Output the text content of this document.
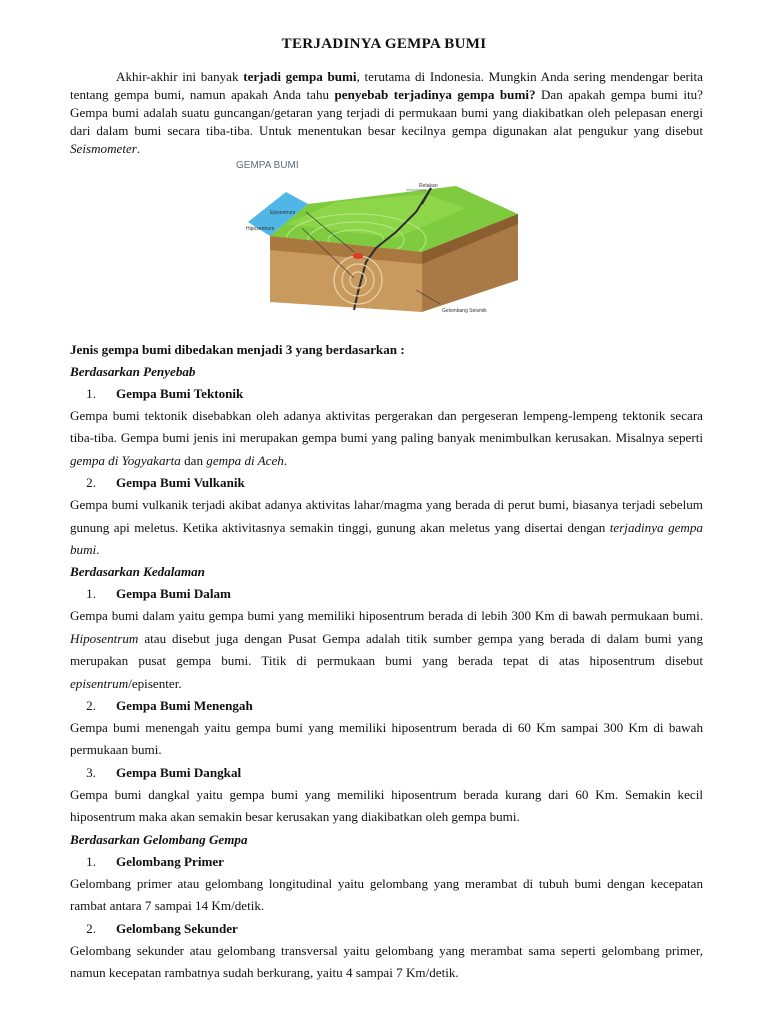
TERJADINYA GEMPA BUMI

Akhir-akhir ini banyak terjadi gempa bumi, terutama di Indonesia. Mungkin Anda sering mendengar berita tentang gempa bumi, namun apakah Anda tahu penyebab terjadinya gempa bumi? Dan apakah gempa bumi itu? Gempa bumi adalah suatu guncangan/getaran yang terjadi di permukaan bumi yang diakibatkan oleh pelepasan energi dari dalam bumi secara tiba-tiba. Untuk menentukan besar kecilnya gempa digunakan alat pengukur yang disebut Seismometer.

GEMPA BUMI
Retakan
Episentrum
Hiposentrum
Gelombang Seismik

Jenis gempa bumi dibedakan menjadi 3 yang berdasarkan :

Berdasarkan Penyebab

1. Gempa Bumi Tektonik

Gempa bumi tektonik disebabkan oleh adanya aktivitas pergerakan dan pergeseran lempeng-lempeng tektonik secara tiba-tiba. Gempa bumi jenis ini merupakan gempa bumi yang paling banyak menimbulkan kerusakan. Misalnya seperti gempa di Yogyakarta dan gempa di Aceh.

2. Gempa Bumi Vulkanik

Gempa bumi vulkanik terjadi akibat adanya aktivitas lahar/magma yang berada di perut bumi, biasanya terjadi sebelum gunung api meletus. Ketika aktivitasnya semakin tinggi, gunung akan meletus yang disertai dengan terjadinya gempa bumi.

Berdasarkan Kedalaman

1. Gempa Bumi Dalam

Gempa bumi dalam yaitu gempa bumi yang memiliki hiposentrum berada di lebih 300 Km di bawah permukaan bumi. Hiposentrum atau disebut juga dengan Pusat Gempa adalah titik sumber gempa yang berada di dalam bumi yang merupakan pusat gempa bumi. Titik di permukaan bumi yang berada tepat di atas hiposentrum disebut episentrum/episenter.

2. Gempa Bumi Menengah

Gempa bumi menengah yaitu gempa bumi yang memiliki hiposentrum berada di 60 Km sampai 300 Km di bawah permukaan bumi.

3. Gempa Bumi Dangkal

Gempa bumi dangkal yaitu gempa bumi yang memiliki hiposentrum berada kurang dari 60 Km. Semakin kecil hiposentrum maka akan semakin besar kerusakan yang diakibatkan oleh gempa bumi.

Berdasarkan Gelombang Gempa

1. Gelombang Primer

Gelombang primer atau gelombang longitudinal yaitu gelombang yang merambat di tubuh bumi dengan kecepatan rambat antara 7 sampai 14 Km/detik.

2. Gelombang Sekunder

Gelombang sekunder atau gelombang transversal yaitu gelombang yang merambat sama seperti gelombang primer, namun kecepatan rambatnya sudah berkurang, yaitu 4 sampai 7 Km/detik.
